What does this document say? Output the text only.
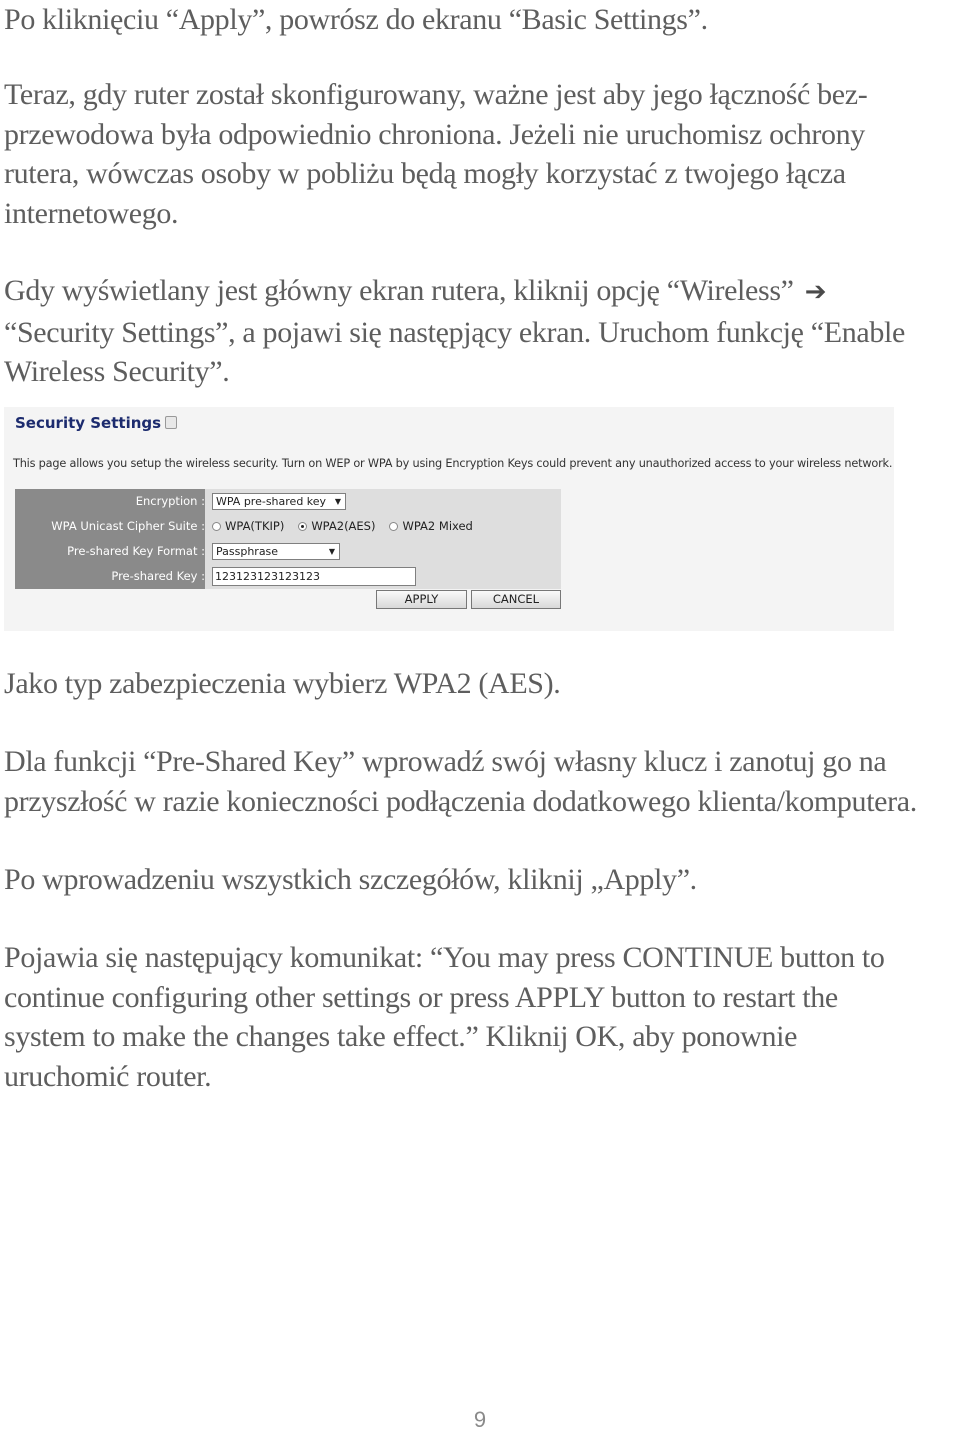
Po kliknięciu “Apply”, powrósz do ekranu “Basic Settings”.

Teraz, gdy ruter został skonfigurowany, ważne jest aby jego łączność bez-
przewodowa była odpowiednio chroniona. Jeżeli nie uruchomisz ochrony
rutera, wówczas osoby w pobliżu będą mogły korzystać z twojego łącza
internetowego.

Gdy wyświetlany jest główny ekran rutera, kliknij opcję “Wireless” ➔
“Security Settings”, a pojawi się następjący ekran. Uruchom funkcję “Enable
Wireless Security”.

Security Settings
This page allows you setup the wireless security. Turn on WEP or WPA by using Encryption Keys could prevent any unauthorized access to your wireless network.
Encryption : WPA pre-shared key ▼
WPA Unicast Cipher Suite : WPA(TKIP) WPA2(AES) WPA2 Mixed
Pre-shared Key Format : Passphrase	▼
Pre-shared Key : 123123123123123
APPLY	CANCEL

Jako typ zabezpieczenia wybierz WPA2 (AES).

Dla funkcji “Pre-Shared Key” wprowadź swój własny klucz i zanotuj go na
przyszłość w razie konieczności podłączenia dodatkowego klienta/komputera.

Po wprowadzeniu wszystkich szczegółów, kliknij „Apply”.

Pojawia się następujący komunikat: “You may press CONTINUE button to
continue configuring other settings or press APPLY button to restart the
system to make the changes take effect.” Kliknij OK, aby ponownie
uruchomić router.

9
